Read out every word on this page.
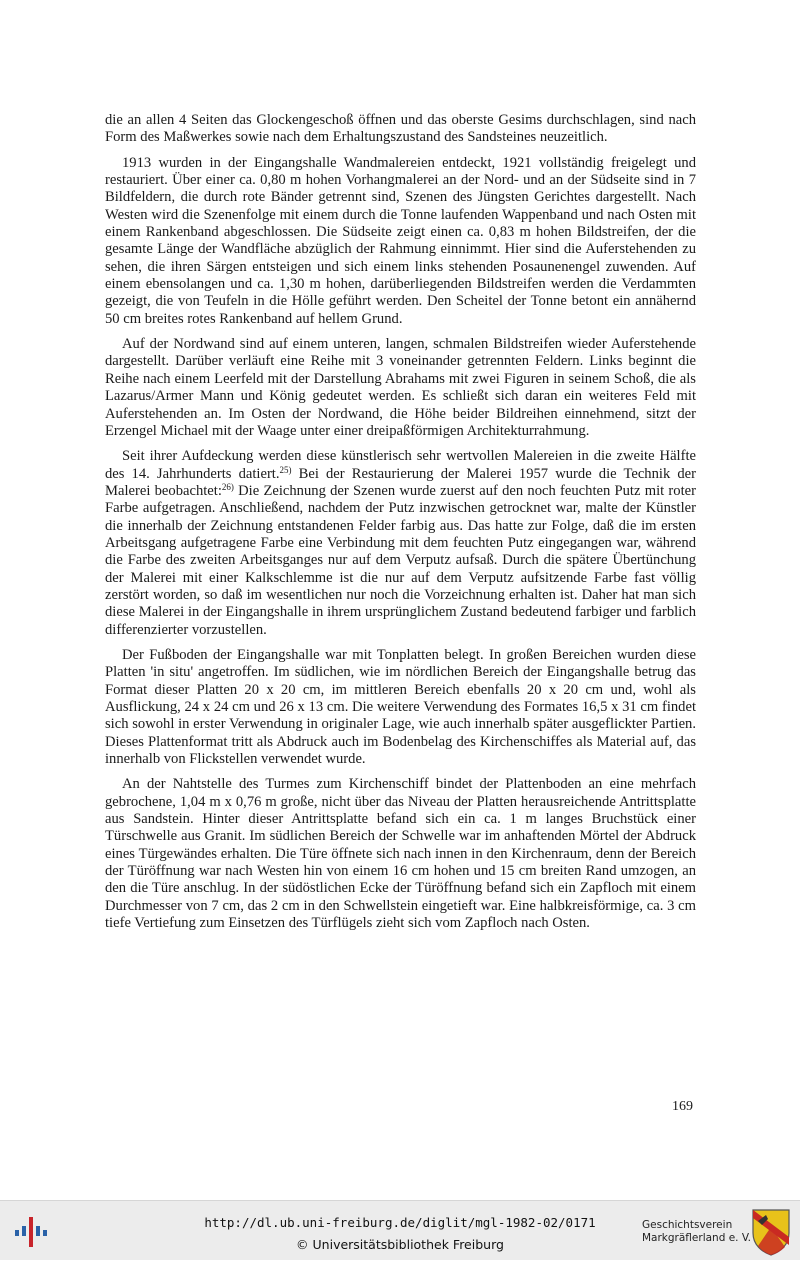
die an allen 4 Seiten das Glockengeschoß öffnen und das oberste Gesims durchschlagen, sind nach Form des Maßwerkes sowie nach dem Erhaltungszustand des Sandsteines neuzeitlich.

1913 wurden in der Eingangshalle Wandmalereien entdeckt, 1921 vollständig freigelegt und restauriert. Über einer ca. 0,80 m hohen Vorhangmalerei an der Nord- und an der Südseite sind in 7 Bildfeldern, die durch rote Bänder getrennt sind, Szenen des Jüngsten Gerichtes dargestellt. Nach Westen wird die Szenenfolge mit einem durch die Tonne laufenden Wappenband und nach Osten mit einem Rankenband abgeschlossen. Die Südseite zeigt einen ca. 0,83 m hohen Bildstreifen, der die gesamte Länge der Wandfläche abzüglich der Rahmung einnimmt. Hier sind die Auferstehenden zu sehen, die ihren Särgen entsteigen und sich einem links stehenden Posaunenengel zuwenden. Auf einem ebensolangen und ca. 1,30 m hohen, darüberliegenden Bildstreifen werden die Verdammten gezeigt, die von Teufeln in die Hölle geführt werden. Den Scheitel der Tonne betont ein annähernd 50 cm breites rotes Rankenband auf hellem Grund.

Auf der Nordwand sind auf einem unteren, langen, schmalen Bildstreifen wieder Auferstehende dargestellt. Darüber verläuft eine Reihe mit 3 voneinander getrennten Feldern. Links beginnt die Reihe nach einem Leerfeld mit der Darstellung Abrahams mit zwei Figuren in seinem Schoß, die als Lazarus/Armer Mann und König gedeutet werden. Es schließt sich daran ein weiteres Feld mit Auferstehenden an. Im Osten der Nordwand, die Höhe beider Bildreihen einnehmend, sitzt der Erzengel Michael mit der Waage unter einer dreipaßförmigen Architekturrahmung.

Seit ihrer Aufdeckung werden diese künstlerisch sehr wertvollen Malereien in die zweite Hälfte des 14. Jahrhunderts datiert.$^{25)}$ Bei der Restaurierung der Malerei 1957 wurde die Technik der Malerei beobachtet:$^{26)}$ Die Zeichnung der Szenen wurde zuerst auf den noch feuchten Putz mit roter Farbe aufgetragen. Anschließend, nachdem der Putz inzwischen getrocknet war, malte der Künstler die innerhalb der Zeichnung entstandenen Felder farbig aus. Das hatte zur Folge, daß die im ersten Arbeitsgang aufgetragene Farbe eine Verbindung mit dem feuchten Putz eingegangen war, während die Farbe des zweiten Arbeitsganges nur auf dem Verputz aufsaß. Durch die spätere Übertünchung der Malerei mit einer Kalkschlemme ist die nur auf dem Verputz aufsitzende Farbe fast völlig zerstört worden, so daß im wesentlichen nur noch die Vorzeichnung erhalten ist. Daher hat man sich diese Malerei in der Eingangshalle in ihrem ursprünglichem Zustand bedeutend farbiger und farblich differenzierter vorzustellen.

Der Fußboden der Eingangshalle war mit Tonplatten belegt. In großen Bereichen wurden diese Platten 'in situ' angetroffen. Im südlichen, wie im nördlichen Bereich der Eingangshalle betrug das Format dieser Platten 20 x 20 cm, im mittleren Bereich ebenfalls 20 x 20 cm und, wohl als Ausflickung, 24 x 24 cm und 26 x 13 cm. Die weitere Verwendung des Formates 16,5 x 31 cm findet sich sowohl in erster Verwendung in originaler Lage, wie auch innerhalb später ausgeflickter Partien. Dieses Plattenformat tritt als Abdruck auch im Bodenbelag des Kirchenschiffes als Material auf, das innerhalb von Flickstellen verwendet wurde.

An der Nahtstelle des Turmes zum Kirchenschiff bindet der Plattenboden an eine mehrfach gebrochene, 1,04 m x 0,76 m große, nicht über das Niveau der Platten herausreichende Antrittsplatte aus Sandstein. Hinter dieser Antrittsplatte befand sich ein ca. 1 m langes Bruchstück einer Türschwelle aus Granit. Im südlichen Bereich der Schwelle war im anhaftenden Mörtel der Abdruck eines Türgewändes erhalten. Die Türe öffnete sich nach innen in den Kirchenraum, denn der Bereich der Türöffnung war nach Westen hin von einem 16 cm hohen und 15 cm breiten Rand umzogen, an den die Türe anschlug. In der südöstlichen Ecke der Türöffnung befand sich ein Zapfloch mit einem Durchmesser von 7 cm, das 2 cm in den Schwellstein eingetieft war. Eine halbkreisförmige, ca. 3 cm tiefe Vertiefung zum Einsetzen des Türflügels zieht sich vom Zapfloch nach Osten.

169
http://dl.ub.uni-freiburg.de/diglit/mgl-1982-02/0171
© Universitätsbibliothek Freiburg
Geschichtsverein
Markgräflerland e. V.
